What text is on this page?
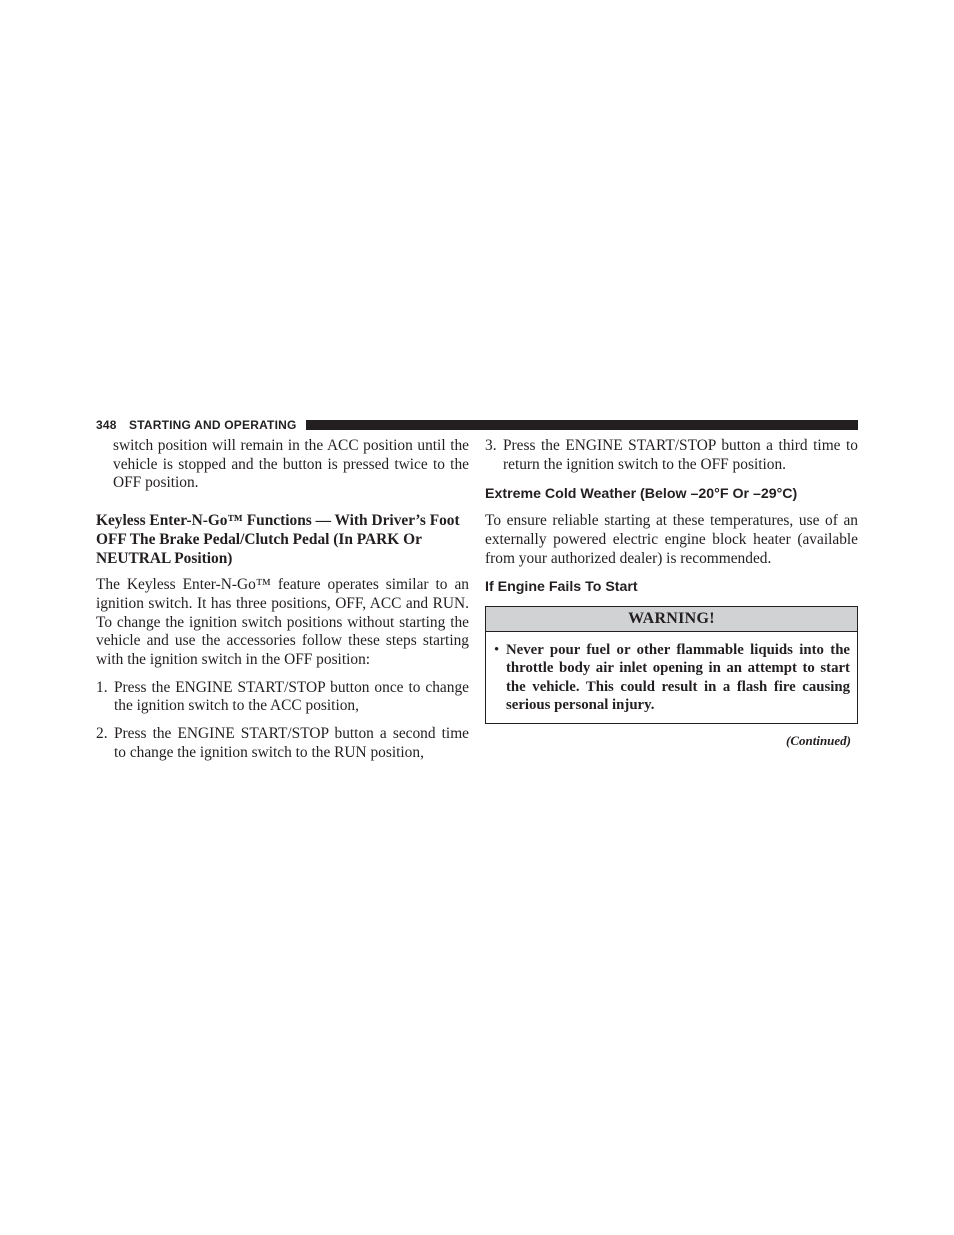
348 STARTING AND OPERATING

switch position will remain in the ACC position until the vehicle is stopped and the button is pressed twice to the OFF position.

Keyless Enter-N-Go™ Functions — With Driver’s Foot OFF The Brake Pedal/Clutch Pedal (In PARK Or NEUTRAL Position)

The Keyless Enter-N-Go™ feature operates similar to an ignition switch. It has three positions, OFF, ACC and RUN. To change the ignition switch positions without starting the vehicle and use the accessories follow these steps starting with the ignition switch in the OFF position:

1. Press the ENGINE START/STOP button once to change the ignition switch to the ACC position,
2. Press the ENGINE START/STOP button a second time to change the ignition switch to the RUN position,
3. Press the ENGINE START/STOP button a third time to return the ignition switch to the OFF position.

Extreme Cold Weather (Below –20°F Or –29°C)

To ensure reliable starting at these temperatures, use of an externally powered electric engine block heater (available from your authorized dealer) is recommended.

If Engine Fails To Start

WARNING!
• Never pour fuel or other flammable liquids into the throttle body air inlet opening in an attempt to start the vehicle. This could result in a flash fire causing serious personal injury.
(Continued)
